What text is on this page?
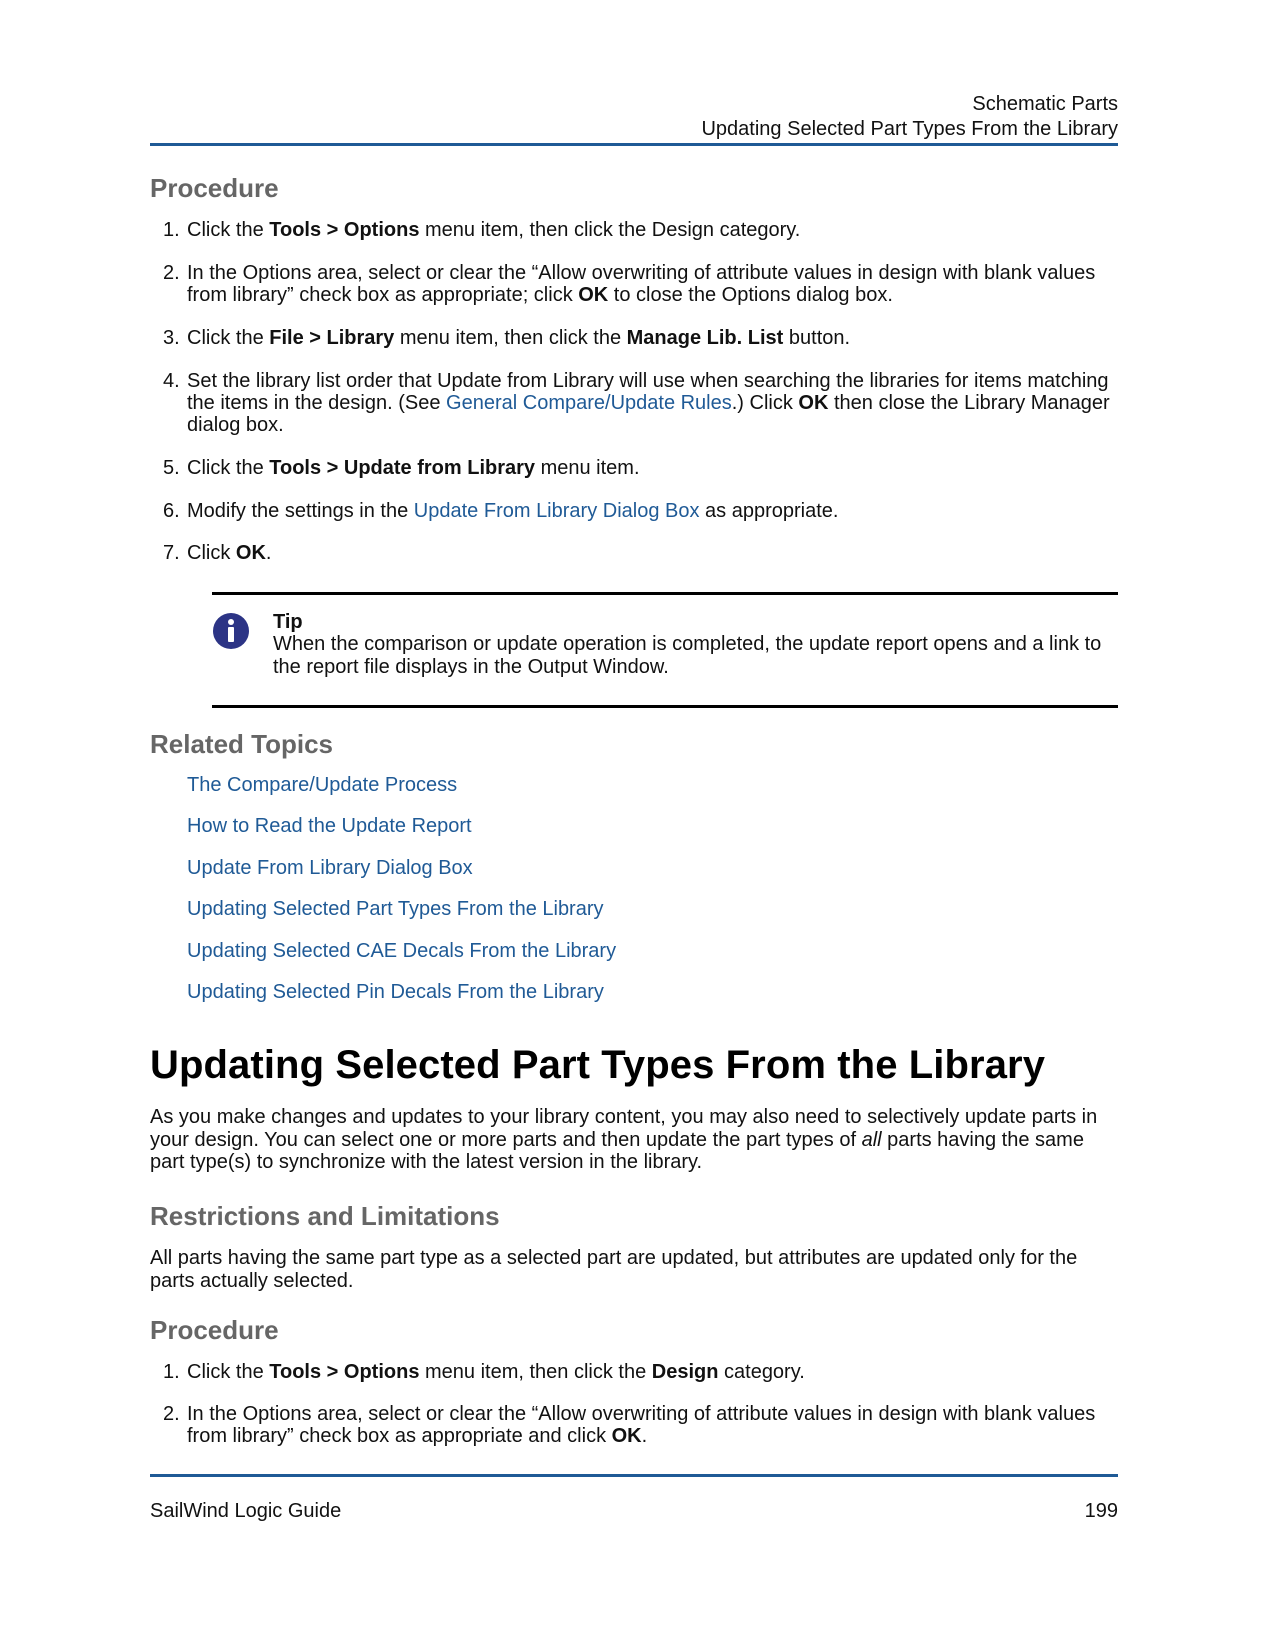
Schematic Parts
Updating Selected Part Types From the Library
Procedure
1. Click the Tools > Options menu item, then click the Design category.
2. In the Options area, select or clear the “Allow overwriting of attribute values in design with blank values from library” check box as appropriate; click OK to close the Options dialog box.
3. Click the File > Library menu item, then click the Manage Lib. List button.
4. Set the library list order that Update from Library will use when searching the libraries for items matching the items in the design. (See General Compare/Update Rules.) Click OK then close the Library Manager dialog box.
5. Click the Tools > Update from Library menu item.
6. Modify the settings in the Update From Library Dialog Box as appropriate.
7. Click OK.
Tip
When the comparison or update operation is completed, the update report opens and a link to the report file displays in the Output Window.
Related Topics
The Compare/Update Process
How to Read the Update Report
Update From Library Dialog Box
Updating Selected Part Types From the Library
Updating Selected CAE Decals From the Library
Updating Selected Pin Decals From the Library
Updating Selected Part Types From the Library

As you make changes and updates to your library content, you may also need to selectively update parts in your design. You can select one or more parts and then update the part types of all parts having the same part type(s) to synchronize with the latest version in the library.

Restrictions and Limitations

All parts having the same part type as a selected part are updated, but attributes are updated only for the parts actually selected.

Procedure
1. Click the Tools > Options menu item, then click the Design category.
2. In the Options area, select or clear the “Allow overwriting of attribute values in design with blank values from library” check box as appropriate and click OK.
SailWind Logic Guide	199
